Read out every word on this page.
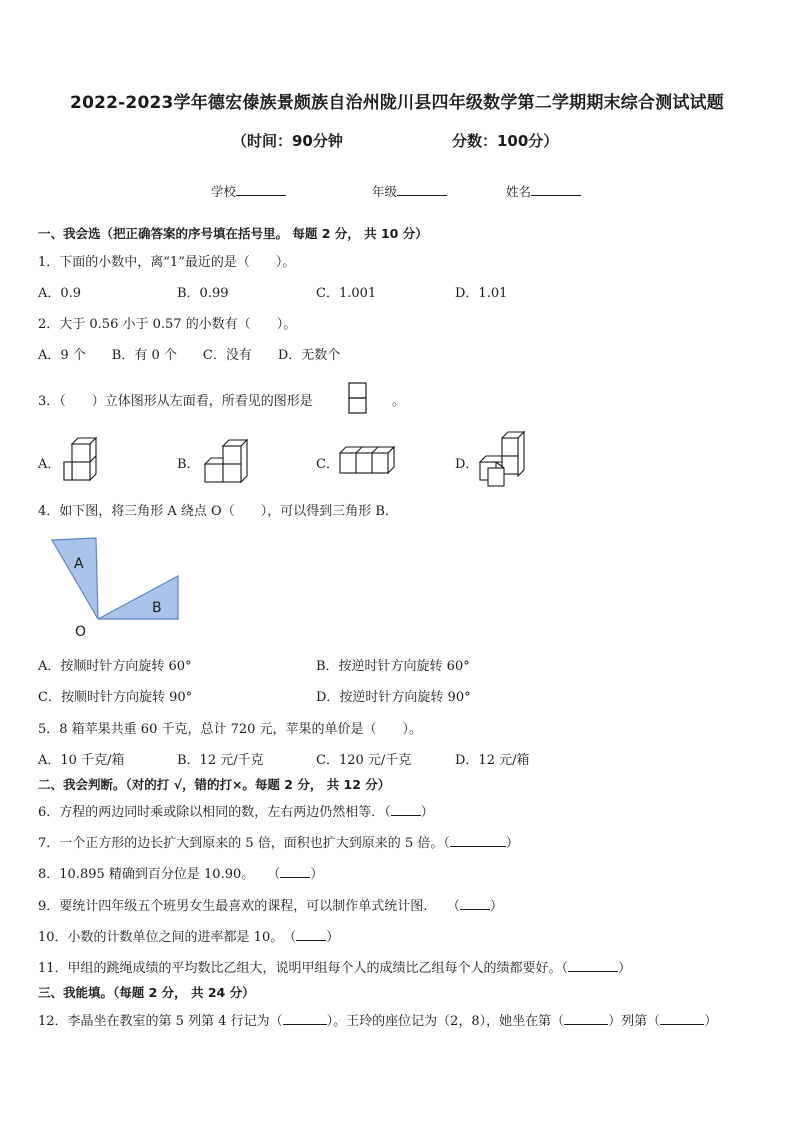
2022-2023学年德宏傣族景颇族自治州陇川县四年级数学第二学期期末综合测试试题
（时间：90分钟	分数：100分）
学校	年级	姓名
一、我会选（把正确答案的序号填在括号里。 每题 2 分， 共 10 分）
1．下面的小数中，离“1”最近的是（　　）。
A．0.9	B．0.99	C．1.001	D．1.01
2．大于 0.56 小于 0.57 的小数有（　　）。
A．9 个　　B．有 0 个　　C．没有　　D．无数个
3．（　　）立体图形从左面看，所看见的图形是	。
A．	B．	C．	D．
4．如下图，将三角形 A 绕点 O（　　），可以得到三角形 B．
A
B
O
A．按顺时针方向旋转 60°	B．按逆时针方向旋转 60°
C．按顺时针方向旋转 90°	D．按逆时针方向旋转 90°
5．8 箱苹果共重 60 千克，总计 720 元，苹果的单价是（　　）。
A．10 千克/箱	B．12 元/千克	C．120 元/千克	D．12 元/箱
二、我会判断。（对的打 √，错的打×。每题 2 分， 共 12 分）
6．方程的两边同时乘或除以相同的数，左右两边仍然相等．（ ）
7．一个正方形的边长扩大到原来的 5 倍，面积也扩大到原来的 5 倍。（	）
8．10.895 精确到百分位是 10.90。　　（ ）
9．要统计四年级五个班男女生最喜欢的课程，可以制作单式统计图.　　（ ）
10．小数的计数单位之间的进率都是 10。　（ ）
11．甲组的跳绳成绩的平均数比乙组大，说明甲组每个人的成绩比乙组每个人的绩都要好。（	）
三、我能填。（每题 2 分， 共 24 分）
12．李晶坐在教室的第 5 列第 4 行记为（	）。王玲的座位记为（2，8），她坐在第（	）列第（	）
